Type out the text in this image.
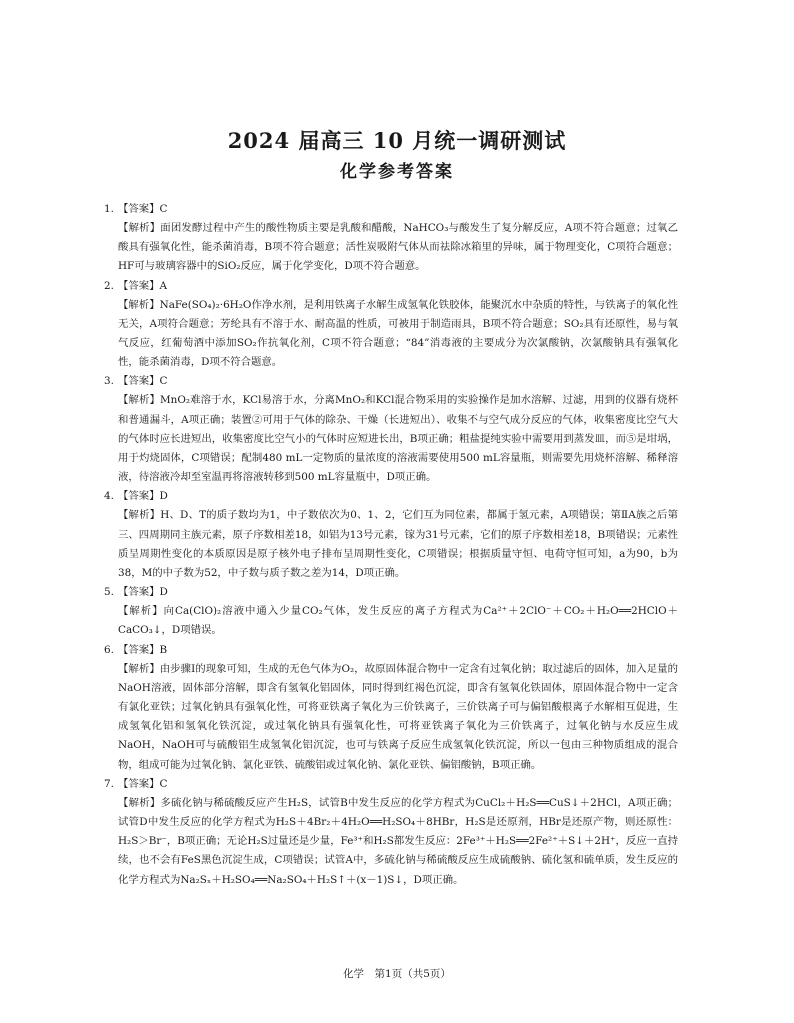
2024 届高三 10 月统一调研测试
化学参考答案
1. 【答案】C

【解析】面团发酵过程中产生的酸性物质主要是乳酸和醋酸，NaHCO₃与酸发生了复分解反应，A项不符合题意；过氧乙酸具有强氧化性，能杀菌消毒，B项不符合题意；活性炭吸附气体从而祛除冰箱里的异味，属于物理变化，C项符合题意；HF可与玻璃容器中的SiO₂反应，属于化学变化，D项不符合题意。

2. 【答案】A

【解析】NaFe(SO₄)₂·6H₂O作净水剂，是利用铁离子水解生成氢氧化铁胶体，能聚沉水中杂质的特性，与铁离子的氧化性无关，A项符合题意；芳纶具有不溶于水、耐高温的性质，可被用于制造雨具，B项不符合题意；SO₂具有还原性，易与氧气反应，红葡萄酒中添加SO₂作抗氧化剂，C项不符合题意；“84”消毒液的主要成分为次氯酸钠，次氯酸钠具有强氧化性，能杀菌消毒，D项不符合题意。

3. 【答案】C

【解析】MnO₂难溶于水，KCl易溶于水，分离MnO₂和KCl混合物采用的实验操作是加水溶解、过滤，用到的仪器有烧杯和普通漏斗，A项正确；装置②可用于气体的除杂、干燥（长进短出）、收集不与空气成分反应的气体，收集密度比空气大的气体时应长进短出，收集密度比空气小的气体时应短进长出，B项正确；粗盐提纯实验中需要用到蒸发皿，而⑤是坩埚，用于灼烧固体，C项错误；配制480 mL一定物质的量浓度的溶液需要使用500 mL容量瓶，则需要先用烧杯溶解、稀释溶液，待溶液冷却至室温再将溶液转移到500 mL容量瓶中，D项正确。

4. 【答案】D

【解析】H、D、T的质子数均为1，中子数依次为0、1、2，它们互为同位素，都属于氢元素，A项错误；第ⅡA族之后第三、四周期同主族元素，原子序数相差18，如铝为13号元素，镓为31号元素，它们的原子序数相差18，B项错误；元素性质呈周期性变化的本质原因是原子核外电子排布呈周期性变化，C项错误；根据质量守恒、电荷守恒可知，a为90，b为38，M的中子数为52，中子数与质子数之差为14，D项正确。

5. 【答案】D

【解析】向Ca(ClO)₂溶液中通入少量CO₂气体，发生反应的离子方程式为Ca²⁺＋2ClO⁻＋CO₂＋H₂O══2HClO＋CaCO₃↓，D项错误。

6. 【答案】B

【解析】由步骤Ⅰ的现象可知，生成的无色气体为O₂，故原固体混合物中一定含有过氧化钠；取过滤后的固体，加入足量的NaOH溶液，固体部分溶解，即含有氢氧化铝固体，同时得到红褐色沉淀，即含有氢氧化铁固体，原固体混合物中一定含有氯化亚铁；过氧化钠具有强氧化性，可将亚铁离子氧化为三价铁离子，三价铁离子可与偏铝酸根离子水解相互促进，生成氢氧化铝和氢氧化铁沉淀，或过氧化钠具有强氧化性，可将亚铁离子氧化为三价铁离子，过氧化钠与水反应生成NaOH，NaOH可与硫酸铝生成氢氧化铝沉淀，也可与铁离子反应生成氢氧化铁沉淀，所以一包由三种物质组成的混合物，组成可能为过氧化钠、氯化亚铁、硫酸铝或过氧化钠、氯化亚铁、偏铝酸钠，B项正确。

7. 【答案】C

【解析】多硫化钠与稀硫酸反应产生H₂S，试管B中发生反应的化学方程式为CuCl₂＋H₂S══CuS↓＋2HCl，A项正确；试管D中发生反应的化学方程式为H₂S＋4Br₂＋4H₂O══H₂SO₄＋8HBr，H₂S是还原剂，HBr是还原产物，则还原性：H₂S＞Br⁻，B项正确；无论H₂S过量还是少量，Fe³⁺和H₂S都发生反应：2Fe³⁺＋H₂S══2Fe²⁺＋S↓＋2H⁺，反应一直持续，也不会有FeS黑色沉淀生成，C项错误；试管A中，多硫化钠与稀硫酸反应生成硫酸钠、硫化氢和硫单质，发生反应的化学方程式为Na₂Sₓ＋H₂SO₄══Na₂SO₄＋H₂S↑＋(x－1)S↓，D项正确。

化学　第1页（共5页）
